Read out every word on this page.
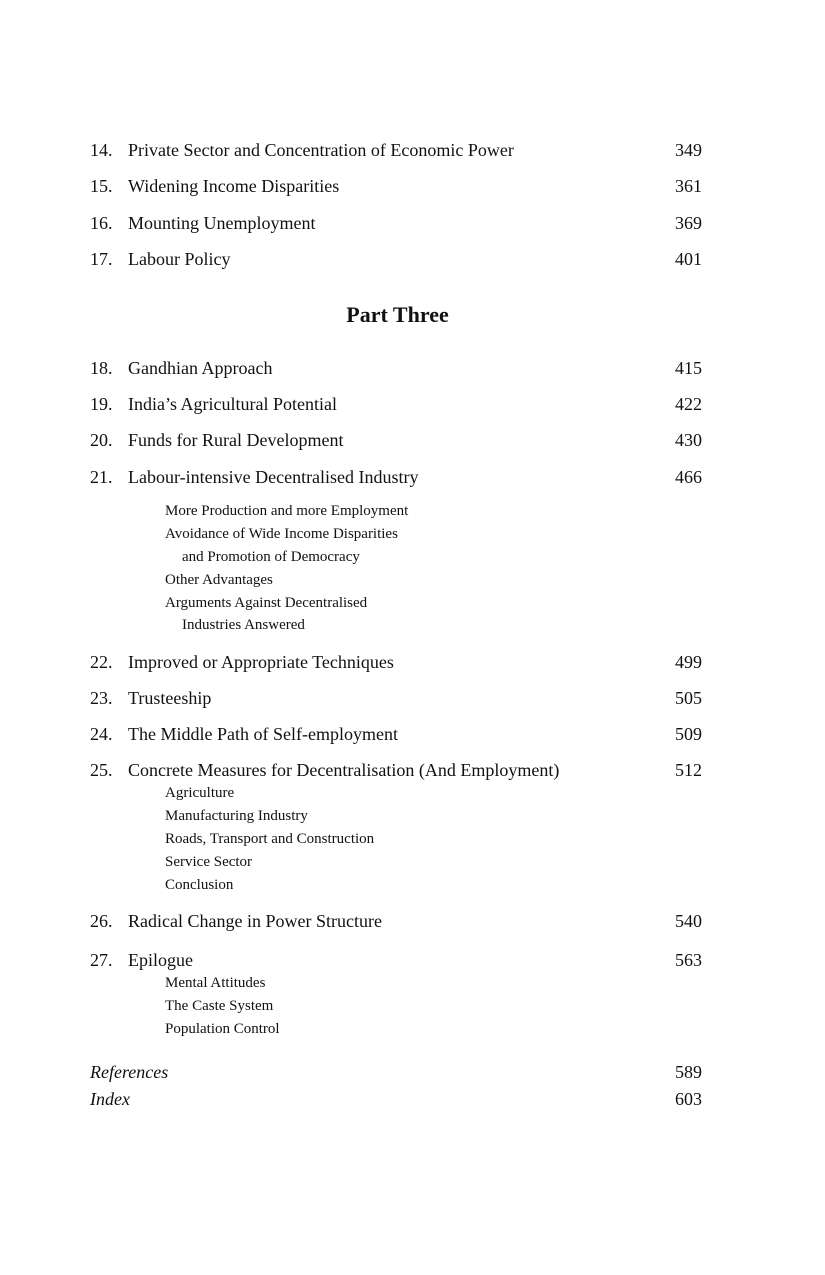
14. Private Sector and Concentration of Economic Power	349
15. Widening Income Disparities	361
16. Mounting Unemployment	369
17. Labour Policy	401
Part Three
18. Gandhian Approach	415
19. India’s Agricultural Potential	422
20. Funds for Rural Development	430
21. Labour-intensive Decentralised Industry	466
More Production and more Employment
Avoidance of Wide Income Disparities
and Promotion of Democracy
Other Advantages
Arguments Against Decentralised
Industries Answered
22. Improved or Appropriate Techniques	499
23. Trusteeship	505
24. The Middle Path of Self-employment	509
25. Concrete Measures for Decentralisation (And Employment)	512
Agriculture
Manufacturing Industry
Roads, Transport and Construction
Service Sector
Conclusion
26. Radical Change in Power Structure	540
27. Epilogue	563
Mental Attitudes
The Caste System
Population Control
References	589
Index	603
